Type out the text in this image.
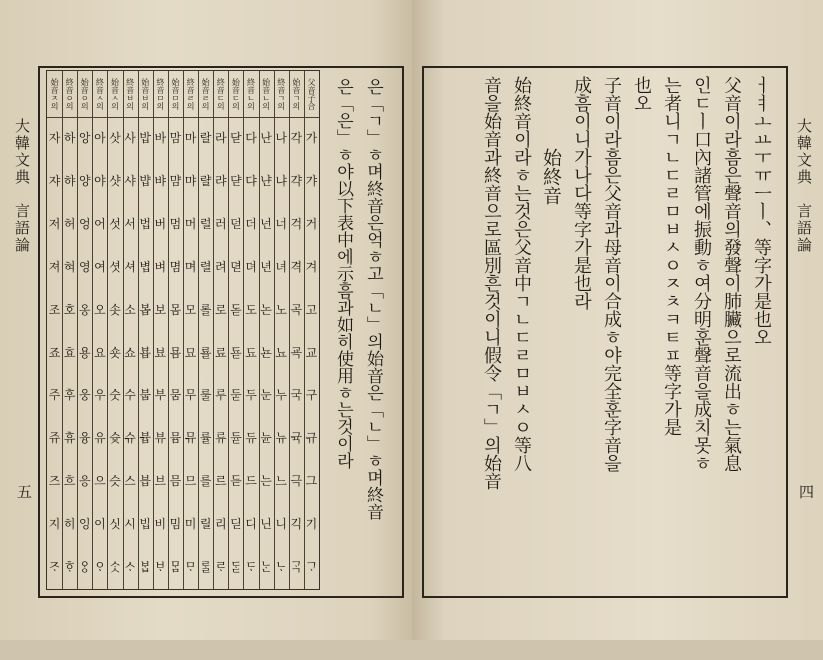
大韓文典　言語論
五	은「ㄱ」ㅎ며終音은억ㅎ고「ㄴ」의始音은「ㄴ」ㅎ며終音
은「은」ㅎ야以下表中에示흠과如히使用ㅎ는것이라
父音子合
가
갸
거
겨
고
교
구
규
그
기
ᄀᆞ
始音ㄱ의
각
갹
걱
격
곡
굑
국
귝
극
긱
ᄀᆞᆨ
終音ㄱ의
나
냐
너
녀
노
뇨
누
뉴
느
니
ᄂᆞ
始音ㄴ의
난
냔
넌
년
논
뇬
눈
뉸
는
닌
ᄂᆞᆫ
終音ㄴ의
다
댜
더
뎌
도
됴
두
듀
드
디
ᄃᆞ
始音ㄷ의
닫
댣
덛
뎓
돋
됻
둗
듇
듣
딛
ᄃᆞᆮ
終音ㄷ의
라
랴
러
려
로
료
루
류
르
리
ᄅᆞ
始音ㄹ의
랄
랼
럴
렬
롤
룔
룰
률
를
릴
ᄅᆞᆯ
終音ㄹ의
마
먀
머
며
모
묘
무
뮤
므
미
ᄆᆞ
始音ㅁ의
맘
먐
멈
몀
몸
묨
뭄
뮴
믐
밈
ᄆᆞᆷ
終音ㅁ의
바
뱌
버
벼
보
뵤
부
뷰
브
비
ᄇᆞ
始音ㅂ의
밥
뱝
법
볍
봅
뵵
붑
븁
븝
빕
ᄇᆞᆸ
終音ㅂ의
사
샤
서
셔
소
쇼
수
슈
스
시
ᄉᆞ
始音ㅅ의
삿
샷
섯
셧
솟
숏
숫
슛
슷
싯
ᄉᆞᆺ
終音ㅅ의
아
야
어
여
오
요
우
유
으
이
ᄋᆞ
始音ㅇ의
앙
양
엉
영
옹
용
웅
융
응
잉
ᄋᆞᆼ
終音ㅇ의
하
햐
허
혀
호
효
후
휴
흐
히
ᄒᆞ
始音ㅈ의
자
쟈
저
져
조
죠
주
쥬
즈
지
ᄌᆞ
大韓文典　言語論
四
ㅓㅕㅗㅛㅜㅠㅡㅣ、等字가是也오
父音이라흠은聲音의發聲이肺臟으로流出ㅎ는氣息
인ㄷㅣ口內諸管에振動ㅎ여分明훈聲音을成치못ㅎ
는者니ㄱㄴㄷㄹㅁㅂㅅㅇㅈㅊㅋㅌㅍ等字가是
也오
子音이라흠은父音과母音이合成ㅎ야完全훈字音을
成흠이니가나다等字가是也라
始終音
始終音이라ㅎ는것은父音中ㄱㄴㄷㄹㅁㅂㅅㅇ等八
音을始音과終音으로區別흔것이니假令「ㄱ」의始音
